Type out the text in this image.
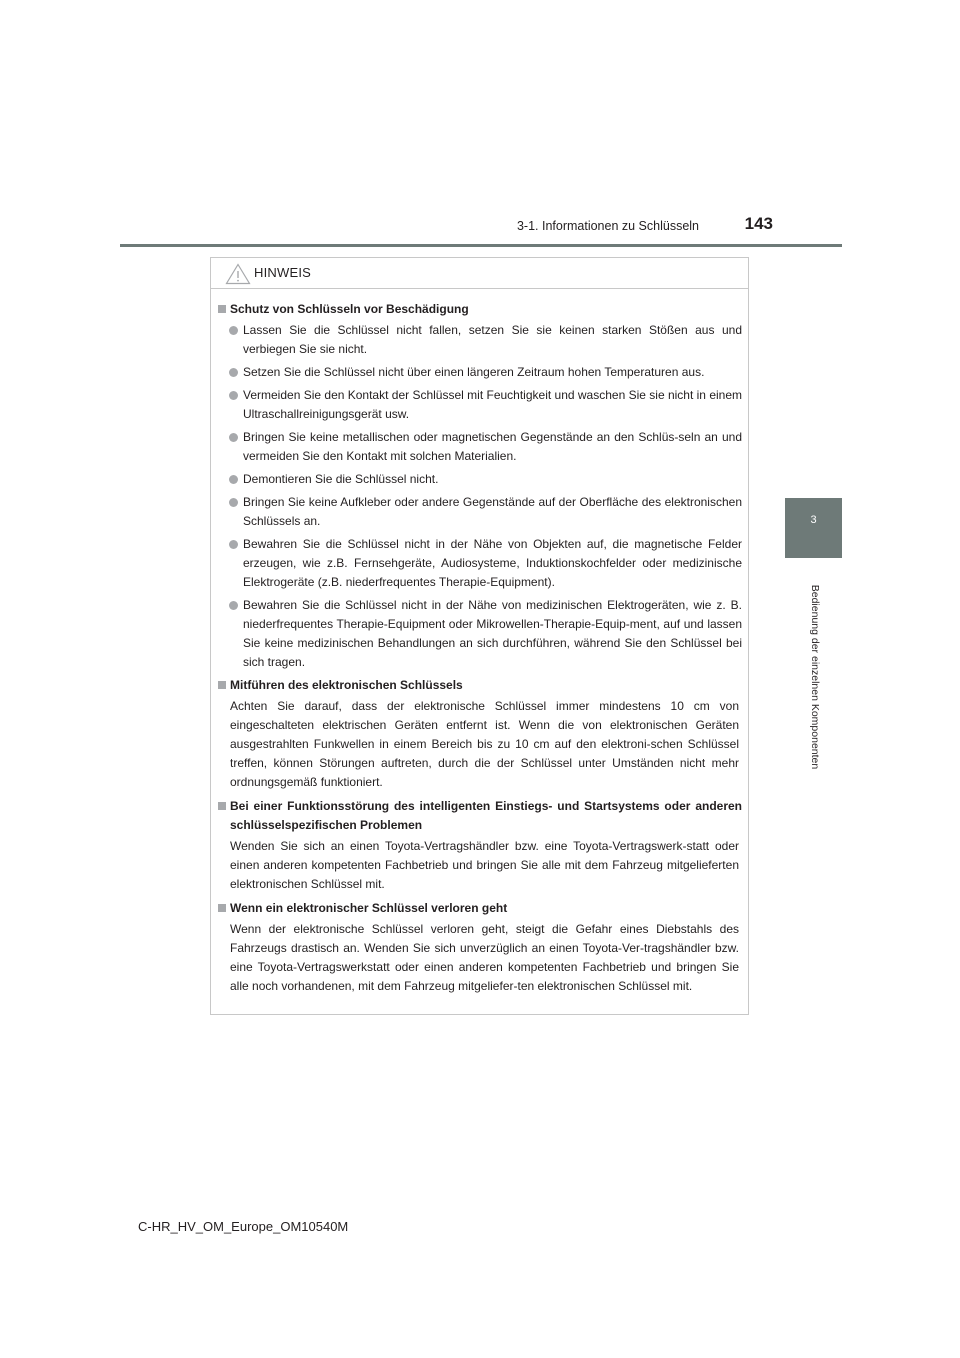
3-1. Informationen zu Schlüsseln	143
3
Bedienung der einzelnen Komponenten
HINWEIS
Schutz von Schlüsseln vor Beschädigung
Lassen Sie die Schlüssel nicht fallen, setzen Sie sie keinen starken Stößen aus und verbiegen Sie sie nicht.
Setzen Sie die Schlüssel nicht über einen längeren Zeitraum hohen Temperaturen aus.
Vermeiden Sie den Kontakt der Schlüssel mit Feuchtigkeit und waschen Sie sie nicht in einem Ultraschallreinigungsgerät usw.
Bringen Sie keine metallischen oder magnetischen Gegenstände an den Schlüs-seln an und vermeiden Sie den Kontakt mit solchen Materialien.
Demontieren Sie die Schlüssel nicht.
Bringen Sie keine Aufkleber oder andere Gegenstände auf der Oberfläche des elektronischen Schlüssels an.
Bewahren Sie die Schlüssel nicht in der Nähe von Objekten auf, die magnetische Felder erzeugen, wie z.B. Fernsehgeräte, Audiosysteme, Induktionskochfelder oder medizinische Elektrogeräte (z.B. niederfrequentes Therapie-Equipment).
Bewahren Sie die Schlüssel nicht in der Nähe von medizinischen Elektrogeräten, wie z. B. niederfrequentes Therapie-Equipment oder Mikrowellen-Therapie-Equip-ment, auf und lassen Sie keine medizinischen Behandlungen an sich durchführen, während Sie den Schlüssel bei sich tragen.
Mitführen des elektronischen Schlüssels
Achten Sie darauf, dass der elektronische Schlüssel immer mindestens 10 cm von eingeschalteten elektrischen Geräten entfernt ist. Wenn die von elektronischen Geräten ausgestrahlten Funkwellen in einem Bereich bis zu 10 cm auf den elektroni-schen Schlüssel treffen, können Störungen auftreten, durch die der Schlüssel unter Umständen nicht mehr ordnungsgemäß funktioniert.
Bei einer Funktionsstörung des intelligenten Einstiegs- und Startsystems oder anderen schlüsselspezifischen Problemen
Wenden Sie sich an einen Toyota-Vertragshändler bzw. eine Toyota-Vertragswerk-statt oder einen anderen kompetenten Fachbetrieb und bringen Sie alle mit dem Fahrzeug mitgelieferten elektronischen Schlüssel mit.
Wenn ein elektronischer Schlüssel verloren geht
Wenn der elektronische Schlüssel verloren geht, steigt die Gefahr eines Diebstahls des Fahrzeugs drastisch an. Wenden Sie sich unverzüglich an einen Toyota-Ver-tragshändler bzw. eine Toyota-Vertragswerkstatt oder einen anderen kompetenten Fachbetrieb und bringen Sie alle noch vorhandenen, mit dem Fahrzeug mitgeliefer-ten elektronischen Schlüssel mit.
C-HR_HV_OM_Europe_OM10540M
